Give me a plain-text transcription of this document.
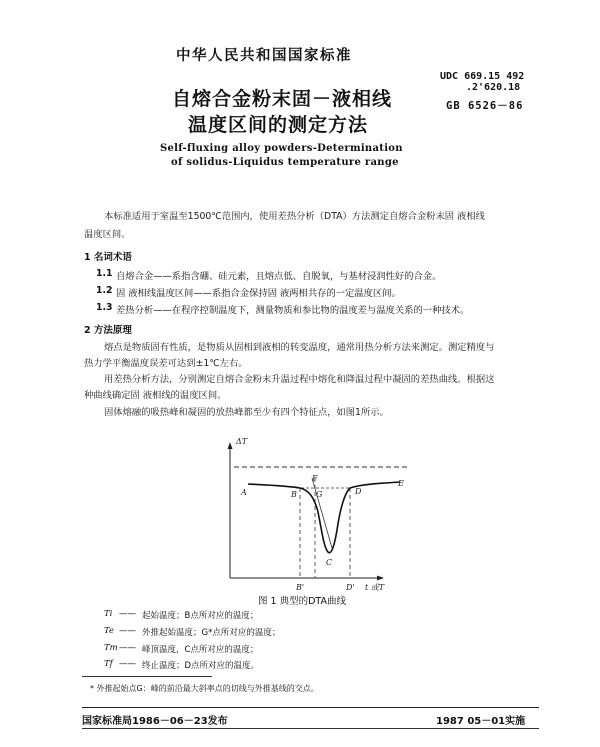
中华人民共和国国家标准
自熔合金粉末固－液相线
温度区间的测定方法
UDC 669.15 492
.2'620.18
GB 6526－86
Self-fluxing alloy powders-Determination
of solidus-Liquidus temperature range
本标准适用于室温至1500℃范围内，使用差热分析（DTA）方法测定自熔合金粉末固 液相线
温度区间。
1 名词术语
1.1 自熔合金——系指含硼、硅元素，且熔点低、自脱氧，与基材浸润性好的合金。
1.2 固 液相线温度区间——系指合金保持固 液两相共存的一定温度区间。
1.3 差热分析——在程序控制温度下，测量物质和参比物的温度差与温度关系的一种技术。
2 方法原理
熔点是物质固有性质，是物质从固相到液相的转变温度，通常用热分析方法来测定。测定精度与
热力学平衡温度误差可达到±1℃左右。
用差热分析方法，分别测定自熔合金粉末升温过程中熔化和降温过程中凝固的差热曲线。根据这
种曲线确定固 液相线的温度区间。
固体熔融的吸热峰和凝固的放热峰都至少有四个特征点，如图1所示。
ΔT
A	B
F
G	D
E
C
B'	D' t 或T
图 1 典型的DTA曲线
Ti —— 起始温度；B点所对应的温度；
Te —— 外推起始温度；G*点所对应的温度；
Tm —— 峰顶温度，C点所对应的温度；
Tf —— 终止温度；D点所对应的温度。
* 外推起始点G：峰的前沿最大斜率点的切线与外推基线的交点。
国家标准局1986－06－23发布	1987 05－01实施
